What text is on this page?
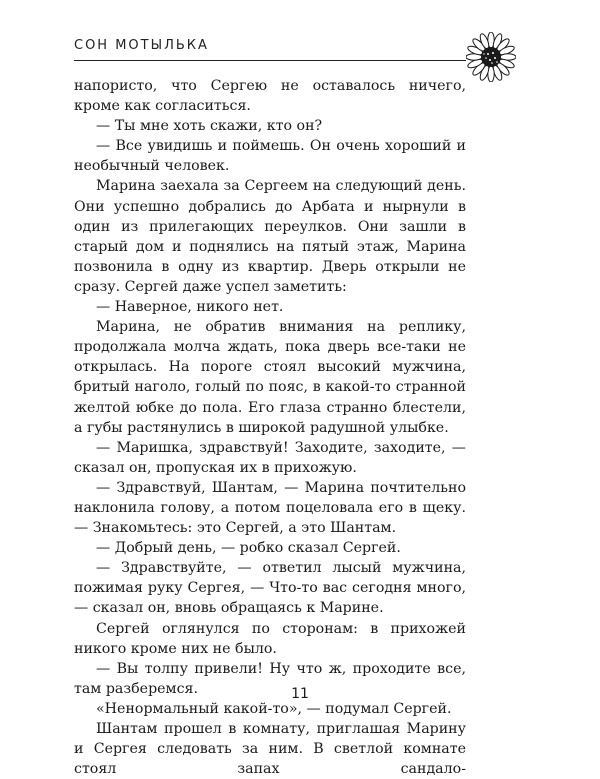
СОН МОТЫЛЬКА

напористо, что Сергею не оставалось ничего, кроме как согласиться.

— Ты мне хоть скажи, кто он?

— Все увидишь и поймешь. Он очень хороший и необычный человек.

Марина заехала за Сергеем на следующий день. Они успешно добрались до Арбата и нырнули в один из прилегающих переулков. Они зашли в старый дом и поднялись на пятый этаж, Марина позвонила в одну из квартир. Дверь открыли не сразу. Сергей даже успел заметить:

— Наверное, никого нет.

Марина, не обратив внимания на реплику, продолжала молча ждать, пока дверь все-таки не открылась. На пороге стоял высокий мужчина, бритый наголо, голый по пояс, в какой-то странной желтой юбке до пола. Его глаза странно блестели, а губы растянулись в широкой радушной улыбке.

— Маришка, здравствуй! Заходите, заходите, — сказал он, пропуская их в прихожую.

— Здравствуй, Шантам, — Марина почтительно наклонила голову, а потом поцеловала его в щеку. — Знакомьтесь: это Сергей, а это Шантам.

— Добрый день, — робко сказал Сергей.

— Здравствуйте, — ответил лысый мужчина, пожимая руку Сергея, — Что-то вас сегодня много, — сказал он, вновь обращаясь к Марине.

Сергей оглянулся по сторонам: в прихожей никого кроме них не было.

— Вы толпу привели! Ну что ж, проходите все, там разберемся.

«Ненормальный какой-то», — подумал Сергей.

Шантам прошел в комнату, приглашая Марину и Сергея следовать за ним. В светлой комнате стоял запах сандало-

11
